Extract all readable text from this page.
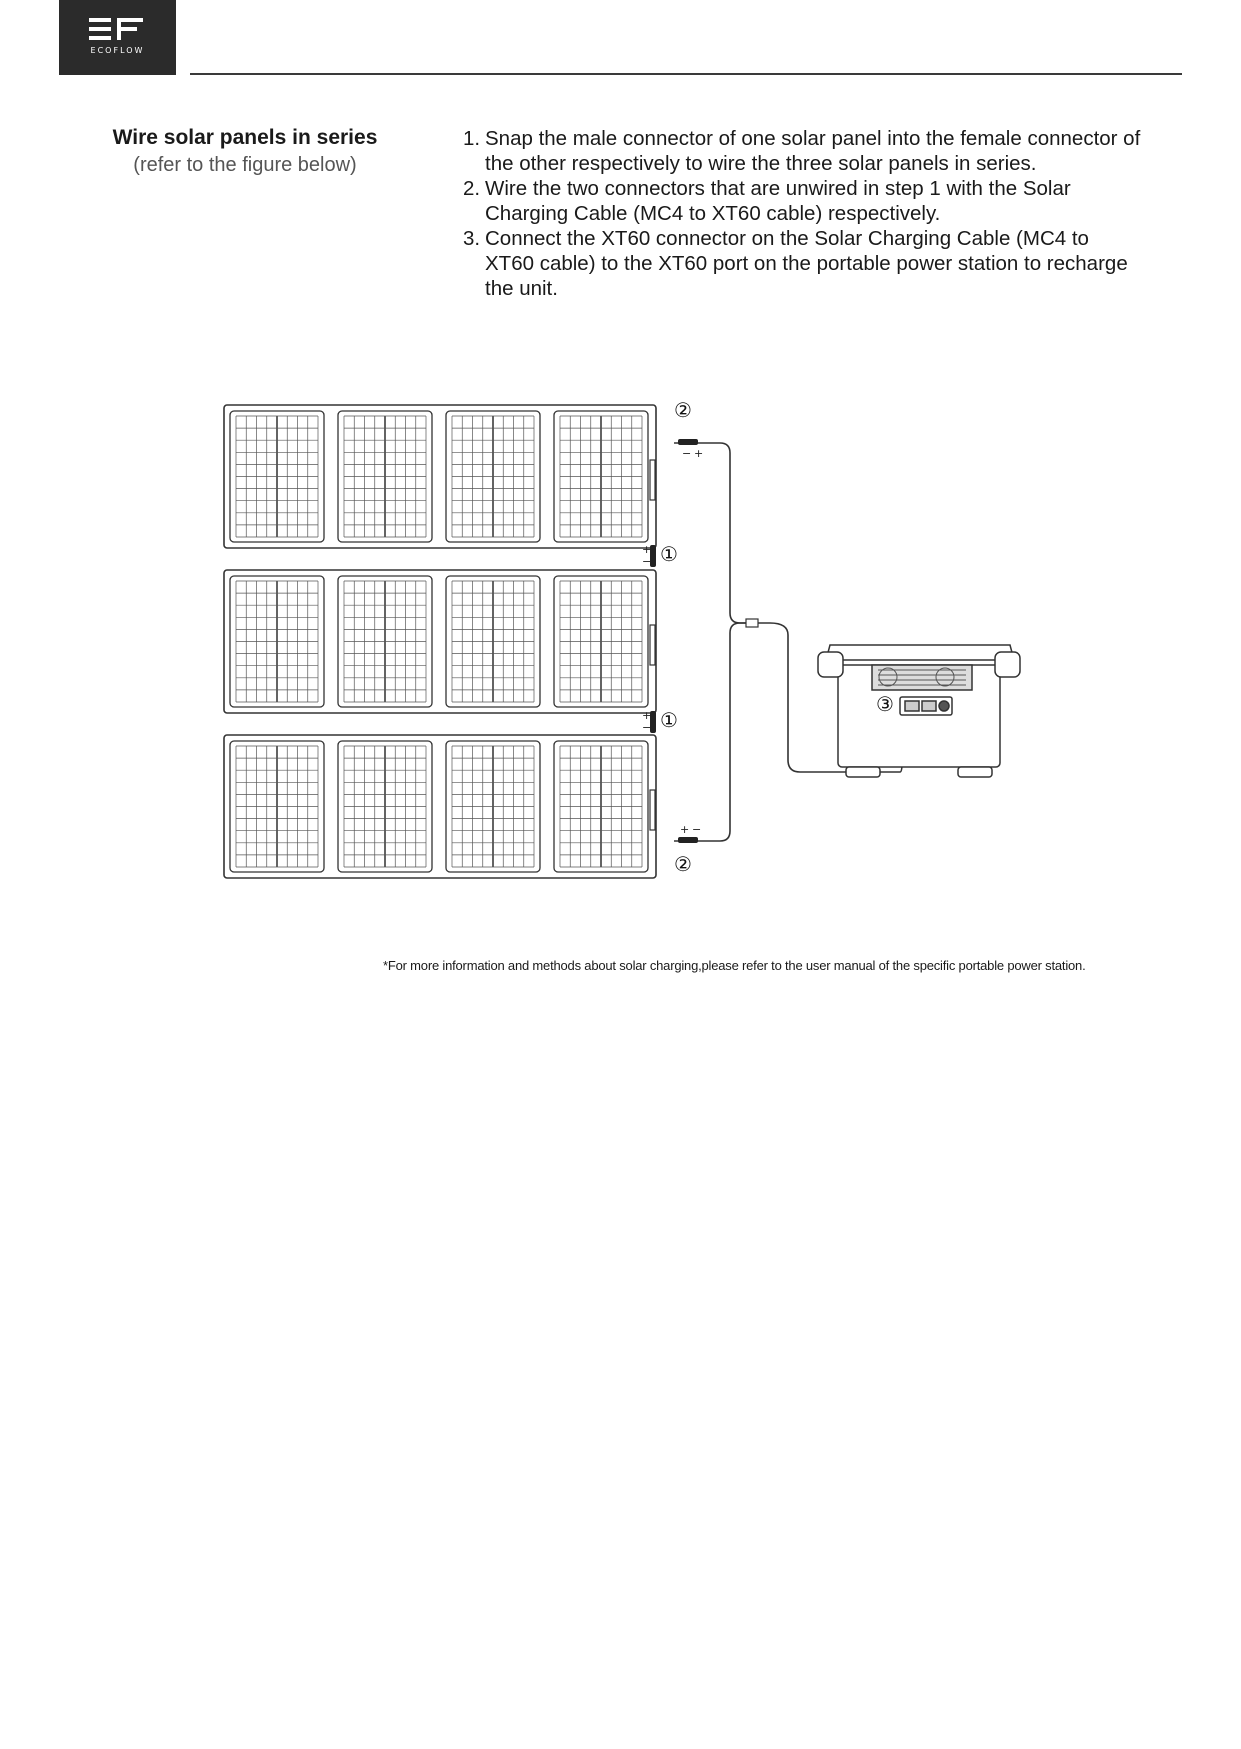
ECOFLOW
Wire solar panels in series
(refer to the figure below)
1. Snap the male connector of one solar panel into the female connector of the other respectively to wire the three solar panels in series.
2. Wire the two connectors that are unwired in step 1 with the Solar Charging Cable (MC4 to XT60 cable) respectively.
3. Connect the XT60 connector on the Solar Charging Cable (MC4 to XT60 cable) to the XT60 port on the portable power station to recharge the unit.
− +
+
−
+
−
+ −
②
①
①
②
③
*For more information and methods about solar charging,please refer to the user manual of the specific portable power station.
